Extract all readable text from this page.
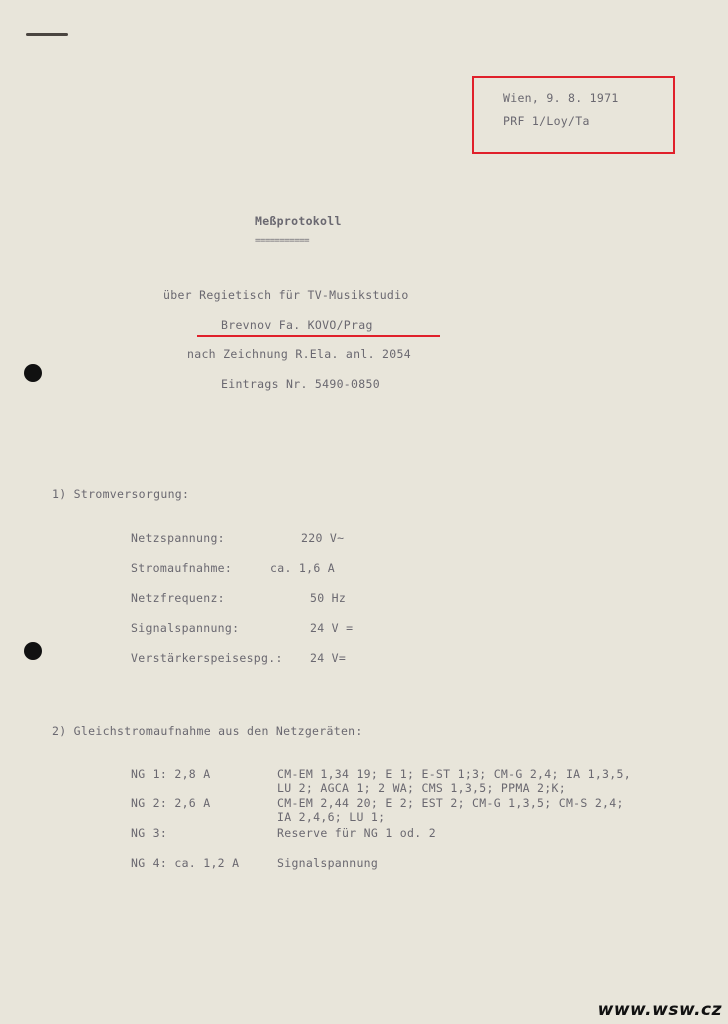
Wien, 9. 8. 1971
PRF 1/Loy/Ta
Meßprotokoll
===========
über Regietisch für TV-Musikstudio
Brevnov Fa. KOVO/Prag
nach Zeichnung R.Ela. anl. 2054
Eintrags Nr. 5490-0850
1) Stromversorgung:
Netzspannung:	220 V~
Stromaufnahme:	ca. 1,6 A
Netzfrequenz:	50 Hz
Signalspannung:	24 V =
Verstärkerspeisespg.: 24 V=
2) Gleichstromaufnahme aus den Netzgeräten:
NG 1: 2,8 A	CM-EM 1,34 19; E 1; E-ST 1;3; CM-G 2,4; IA 1,3,5,
LU 2; AGCA 1; 2 WA; CMS 1,3,5; PPMA 2;K;
NG 2: 2,6 A	CM-EM 2,44 20; E 2; EST 2; CM-G 1,3,5; CM-S 2,4;
IA 2,4,6; LU 1;
NG 3:	Reserve für NG 1 od. 2
NG 4: ca. 1,2 A	Signalspannung
www.wsw.cz
